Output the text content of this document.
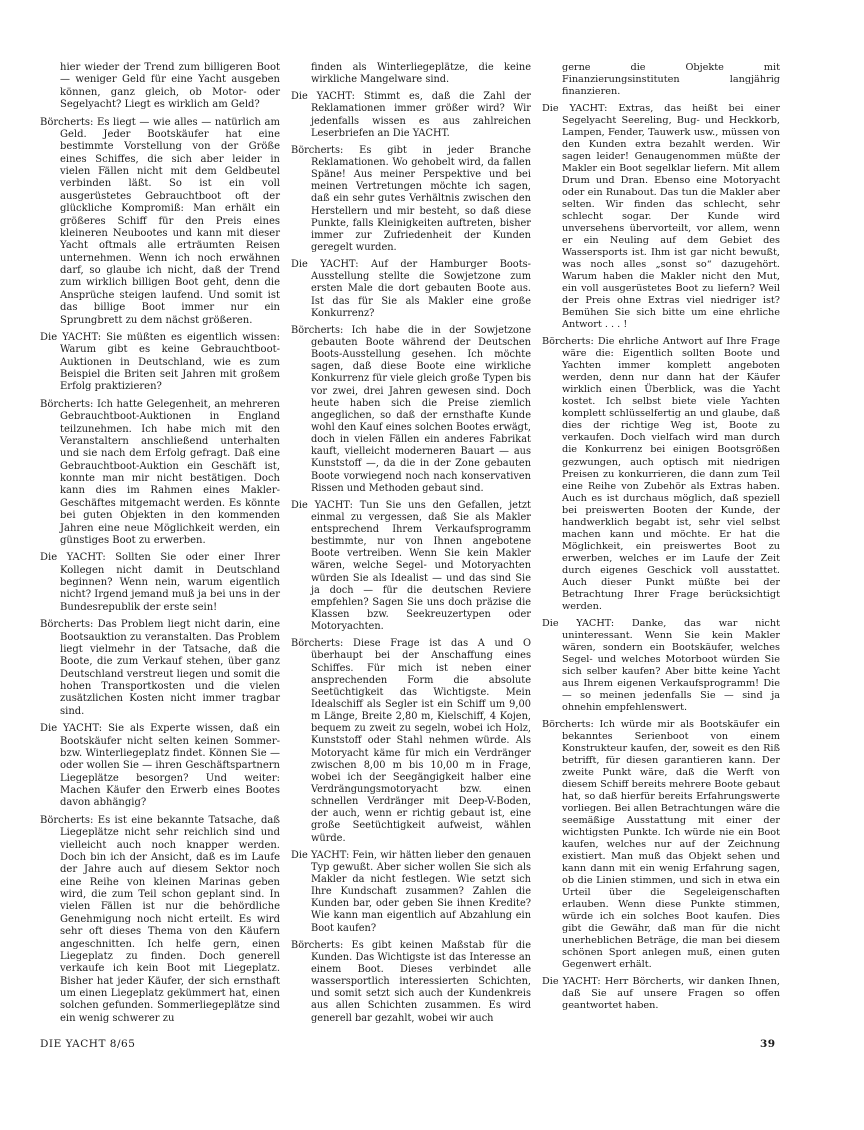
hier wieder der Trend zum billigeren Boot — weniger Geld für eine Yacht ausgeben können, ganz gleich, ob Motor- oder Segelyacht? Liegt es wirklich am Geld?

Börcherts: Es liegt — wie alles — natürlich am Geld. Jeder Bootskäufer hat eine bestimmte Vorstellung von der Größe eines Schiffes, die sich aber leider in vielen Fällen nicht mit dem Geldbeutel verbinden läßt. So ist ein voll ausgerüstetes Gebrauchtboot oft der glückliche Kompromiß: Man erhält ein größeres Schiff für den Preis eines kleineren Neubootes und kann mit dieser Yacht oftmals alle erträumten Reisen unternehmen. Wenn ich noch erwähnen darf, so glaube ich nicht, daß der Trend zum wirklich billigen Boot geht, denn die Ansprüche steigen laufend. Und somit ist das billige Boot immer nur ein Sprungbrett zu dem nächst größeren.

Die YACHT: Sie müßten es eigentlich wissen: Warum gibt es keine Gebrauchtboot-Auktionen in Deutschland, wie es zum Beispiel die Briten seit Jahren mit großem Erfolg praktizieren?

Börcherts: Ich hatte Gelegenheit, an mehreren Gebrauchtboot-Auktionen in England teilzunehmen. Ich habe mich mit den Veranstaltern anschließend unterhalten und sie nach dem Erfolg gefragt. Daß eine Gebrauchtboot-Auktion ein Geschäft ist, konnte man mir nicht bestätigen. Doch kann dies im Rahmen eines Makler-Geschäftes mitgemacht werden. Es könnte bei guten Objekten in den kommenden Jahren eine neue Möglichkeit werden, ein günstiges Boot zu erwerben.

Die YACHT: Sollten Sie oder einer Ihrer Kollegen nicht damit in Deutschland beginnen? Wenn nein, warum eigentlich nicht? Irgend jemand muß ja bei uns in der Bundesrepublik der erste sein!

Börcherts: Das Problem liegt nicht darin, eine Bootsauktion zu veranstalten. Das Problem liegt vielmehr in der Tatsache, daß die Boote, die zum Verkauf stehen, über ganz Deutschland verstreut liegen und somit die hohen Transportkosten und die vielen zusätzlichen Kosten nicht immer tragbar sind.

Die YACHT: Sie als Experte wissen, daß ein Bootskäufer nicht selten keinen Sommer- bzw. Winterliegeplatz findet. Können Sie — oder wollen Sie — ihren Geschäftspartnern Liegeplätze besorgen? Und weiter: Machen Käufer den Erwerb eines Bootes davon abhängig?

Börcherts: Es ist eine bekannte Tatsache, daß Liegeplätze nicht sehr reichlich sind und vielleicht auch noch knapper werden. Doch bin ich der Ansicht, daß es im Laufe der Jahre auch auf diesem Sektor noch eine Reihe von kleinen Marinas geben wird, die zum Teil schon geplant sind. In vielen Fällen ist nur die behördliche Genehmigung noch nicht erteilt. Es wird sehr oft dieses Thema von den Käufern angeschnitten. Ich helfe gern, einen Liegeplatz zu finden. Doch generell verkaufe ich kein Boot mit Liegeplatz. Bisher hat jeder Käufer, der sich ernsthaft um einen Liegeplatz gekümmert hat, einen solchen gefunden. Sommerliegeplätze sind ein wenig schwerer zu

finden als Winterliegeplätze, die keine wirkliche Mangelware sind.

Die YACHT: Stimmt es, daß die Zahl der Reklamationen immer größer wird? Wir jedenfalls wissen es aus zahlreichen Leserbriefen an Die YACHT.

Börcherts: Es gibt in jeder Branche Reklamationen. Wo gehobelt wird, da fallen Späne! Aus meiner Perspektive und bei meinen Vertretungen möchte ich sagen, daß ein sehr gutes Verhältnis zwischen den Herstellern und mir besteht, so daß diese Punkte, falls Kleinigkeiten auftreten, bisher immer zur Zufriedenheit der Kunden geregelt wurden.

Die YACHT: Auf der Hamburger Boots-Ausstellung stellte die Sowjetzone zum ersten Male die dort gebauten Boote aus. Ist das für Sie als Makler eine große Konkurrenz?

Börcherts: Ich habe die in der Sowjetzone gebauten Boote während der Deutschen Boots-Ausstellung gesehen. Ich möchte sagen, daß diese Boote eine wirkliche Konkurrenz für viele gleich große Typen bis vor zwei, drei Jahren gewesen sind. Doch heute haben sich die Preise ziemlich angeglichen, so daß der ernsthafte Kunde wohl den Kauf eines solchen Bootes erwägt, doch in vielen Fällen ein anderes Fabrikat kauft, vielleicht moderneren Bauart — aus Kunststoff —, da die in der Zone gebauten Boote vorwiegend noch nach konservativen Rissen und Methoden gebaut sind.

Die YACHT: Tun Sie uns den Gefallen, jetzt einmal zu vergessen, daß Sie als Makler entsprechend Ihrem Verkaufsprogramm bestimmte, nur von Ihnen angebotene Boote vertreiben. Wenn Sie kein Makler wären, welche Segel- und Motoryachten würden Sie als Idealist — und das sind Sie ja doch — für die deutschen Reviere empfehlen? Sagen Sie uns doch präzise die Klassen bzw. Seekreuzertypen oder Motoryachten.

Börcherts: Diese Frage ist das A und O überhaupt bei der Anschaffung eines Schiffes. Für mich ist neben einer ansprechenden Form die absolute Seetüchtigkeit das Wichtigste. Mein Idealschiff als Segler ist ein Schiff um 9,00 m Länge, Breite 2,80 m, Kielschiff, 4 Kojen, bequem zu zweit zu segeln, wobei ich Holz, Kunststoff oder Stahl nehmen würde. Als Motoryacht käme für mich ein Verdränger zwischen 8,00 m bis 10,00 m in Frage, wobei ich der Seegängigkeit halber eine Verdrängungsmotoryacht bzw. einen schnellen Verdränger mit Deep-V-Boden, der auch, wenn er richtig gebaut ist, eine große Seetüchtigkeit aufweist, wählen würde.

Die YACHT: Fein, wir hätten lieber den genauen Typ gewußt. Aber sicher wollen Sie sich als Makler da nicht festlegen. Wie setzt sich Ihre Kundschaft zusammen? Zahlen die Kunden bar, oder geben Sie ihnen Kredite? Wie kann man eigentlich auf Abzahlung ein Boot kaufen?

Börcherts: Es gibt keinen Maßstab für die Kunden. Das Wichtigste ist das Interesse an einem Boot. Dieses verbindet alle wassersportlich interessierten Schichten, und somit setzt sich auch der Kundenkreis aus allen Schichten zusammen. Es wird generell bar gezahlt, wobei wir auch

gerne die Objekte mit Finanzierungsinstituten langjährig finanzieren.

Die YACHT: Extras, das heißt bei einer Segelyacht Seereling, Bug- und Heckkorb, Lampen, Fender, Tauwerk usw., müssen von den Kunden extra bezahlt werden. Wir sagen leider! Genaugenommen müßte der Makler ein Boot segelklar liefern. Mit allem Drum und Dran. Ebenso eine Motoryacht oder ein Runabout. Das tun die Makler aber selten. Wir finden das schlecht, sehr schlecht sogar. Der Kunde wird unversehens übervorteilt, vor allem, wenn er ein Neuling auf dem Gebiet des Wassersports ist. Ihm ist gar nicht bewußt, was noch alles „sonst so“ dazugehört. Warum haben die Makler nicht den Mut, ein voll ausgerüstetes Boot zu liefern? Weil der Preis ohne Extras viel niedriger ist? Bemühen Sie sich bitte um eine ehrliche Antwort . . . !

Börcherts: Die ehrliche Antwort auf Ihre Frage wäre die: Eigentlich sollten Boote und Yachten immer komplett angeboten werden, denn nur dann hat der Käufer wirklich einen Überblick, was die Yacht kostet. Ich selbst biete viele Yachten komplett schlüsselfertig an und glaube, daß dies der richtige Weg ist, Boote zu verkaufen. Doch vielfach wird man durch die Konkurrenz bei einigen Bootsgrößen gezwungen, auch optisch mit niedrigen Preisen zu konkurrieren, die dann zum Teil eine Reihe von Zubehör als Extras haben. Auch es ist durchaus möglich, daß speziell bei preiswerten Booten der Kunde, der handwerklich begabt ist, sehr viel selbst machen kann und möchte. Er hat die Möglichkeit, ein preiswertes Boot zu erwerben, welches er im Laufe der Zeit durch eigenes Geschick voll ausstattet. Auch dieser Punkt müßte bei der Betrachtung Ihrer Frage berücksichtigt werden.

Die YACHT: Danke, das war nicht uninteressant. Wenn Sie kein Makler wären, sondern ein Bootskäufer, welches Segel- und welches Motorboot würden Sie sich selber kaufen? Aber bitte keine Yacht aus Ihrem eigenen Verkaufsprogramm! Die — so meinen jedenfalls Sie — sind ja ohnehin empfehlenswert.

Börcherts: Ich würde mir als Bootskäufer ein bekanntes Serienboot von einem Konstrukteur kaufen, der, soweit es den Riß betrifft, für diesen garantieren kann. Der zweite Punkt wäre, daß die Werft von diesem Schiff bereits mehrere Boote gebaut hat, so daß hierfür bereits Erfahrungswerte vorliegen. Bei allen Betrachtungen wäre die seemäßige Ausstattung mit einer der wichtigsten Punkte. Ich würde nie ein Boot kaufen, welches nur auf der Zeichnung existiert. Man muß das Objekt sehen und kann dann mit ein wenig Erfahrung sagen, ob die Linien stimmen, und sich in etwa ein Urteil über die Segeleigenschaften erlauben. Wenn diese Punkte stimmen, würde ich ein solches Boot kaufen. Dies gibt die Gewähr, daß man für die nicht unerheblichen Beträge, die man bei diesem schönen Sport anlegen muß, einen guten Gegenwert erhält.

Die YACHT: Herr Börcherts, wir danken Ihnen, daß Sie auf unsere Fragen so offen geantwortet haben.

DIE YACHT 8/65	39
